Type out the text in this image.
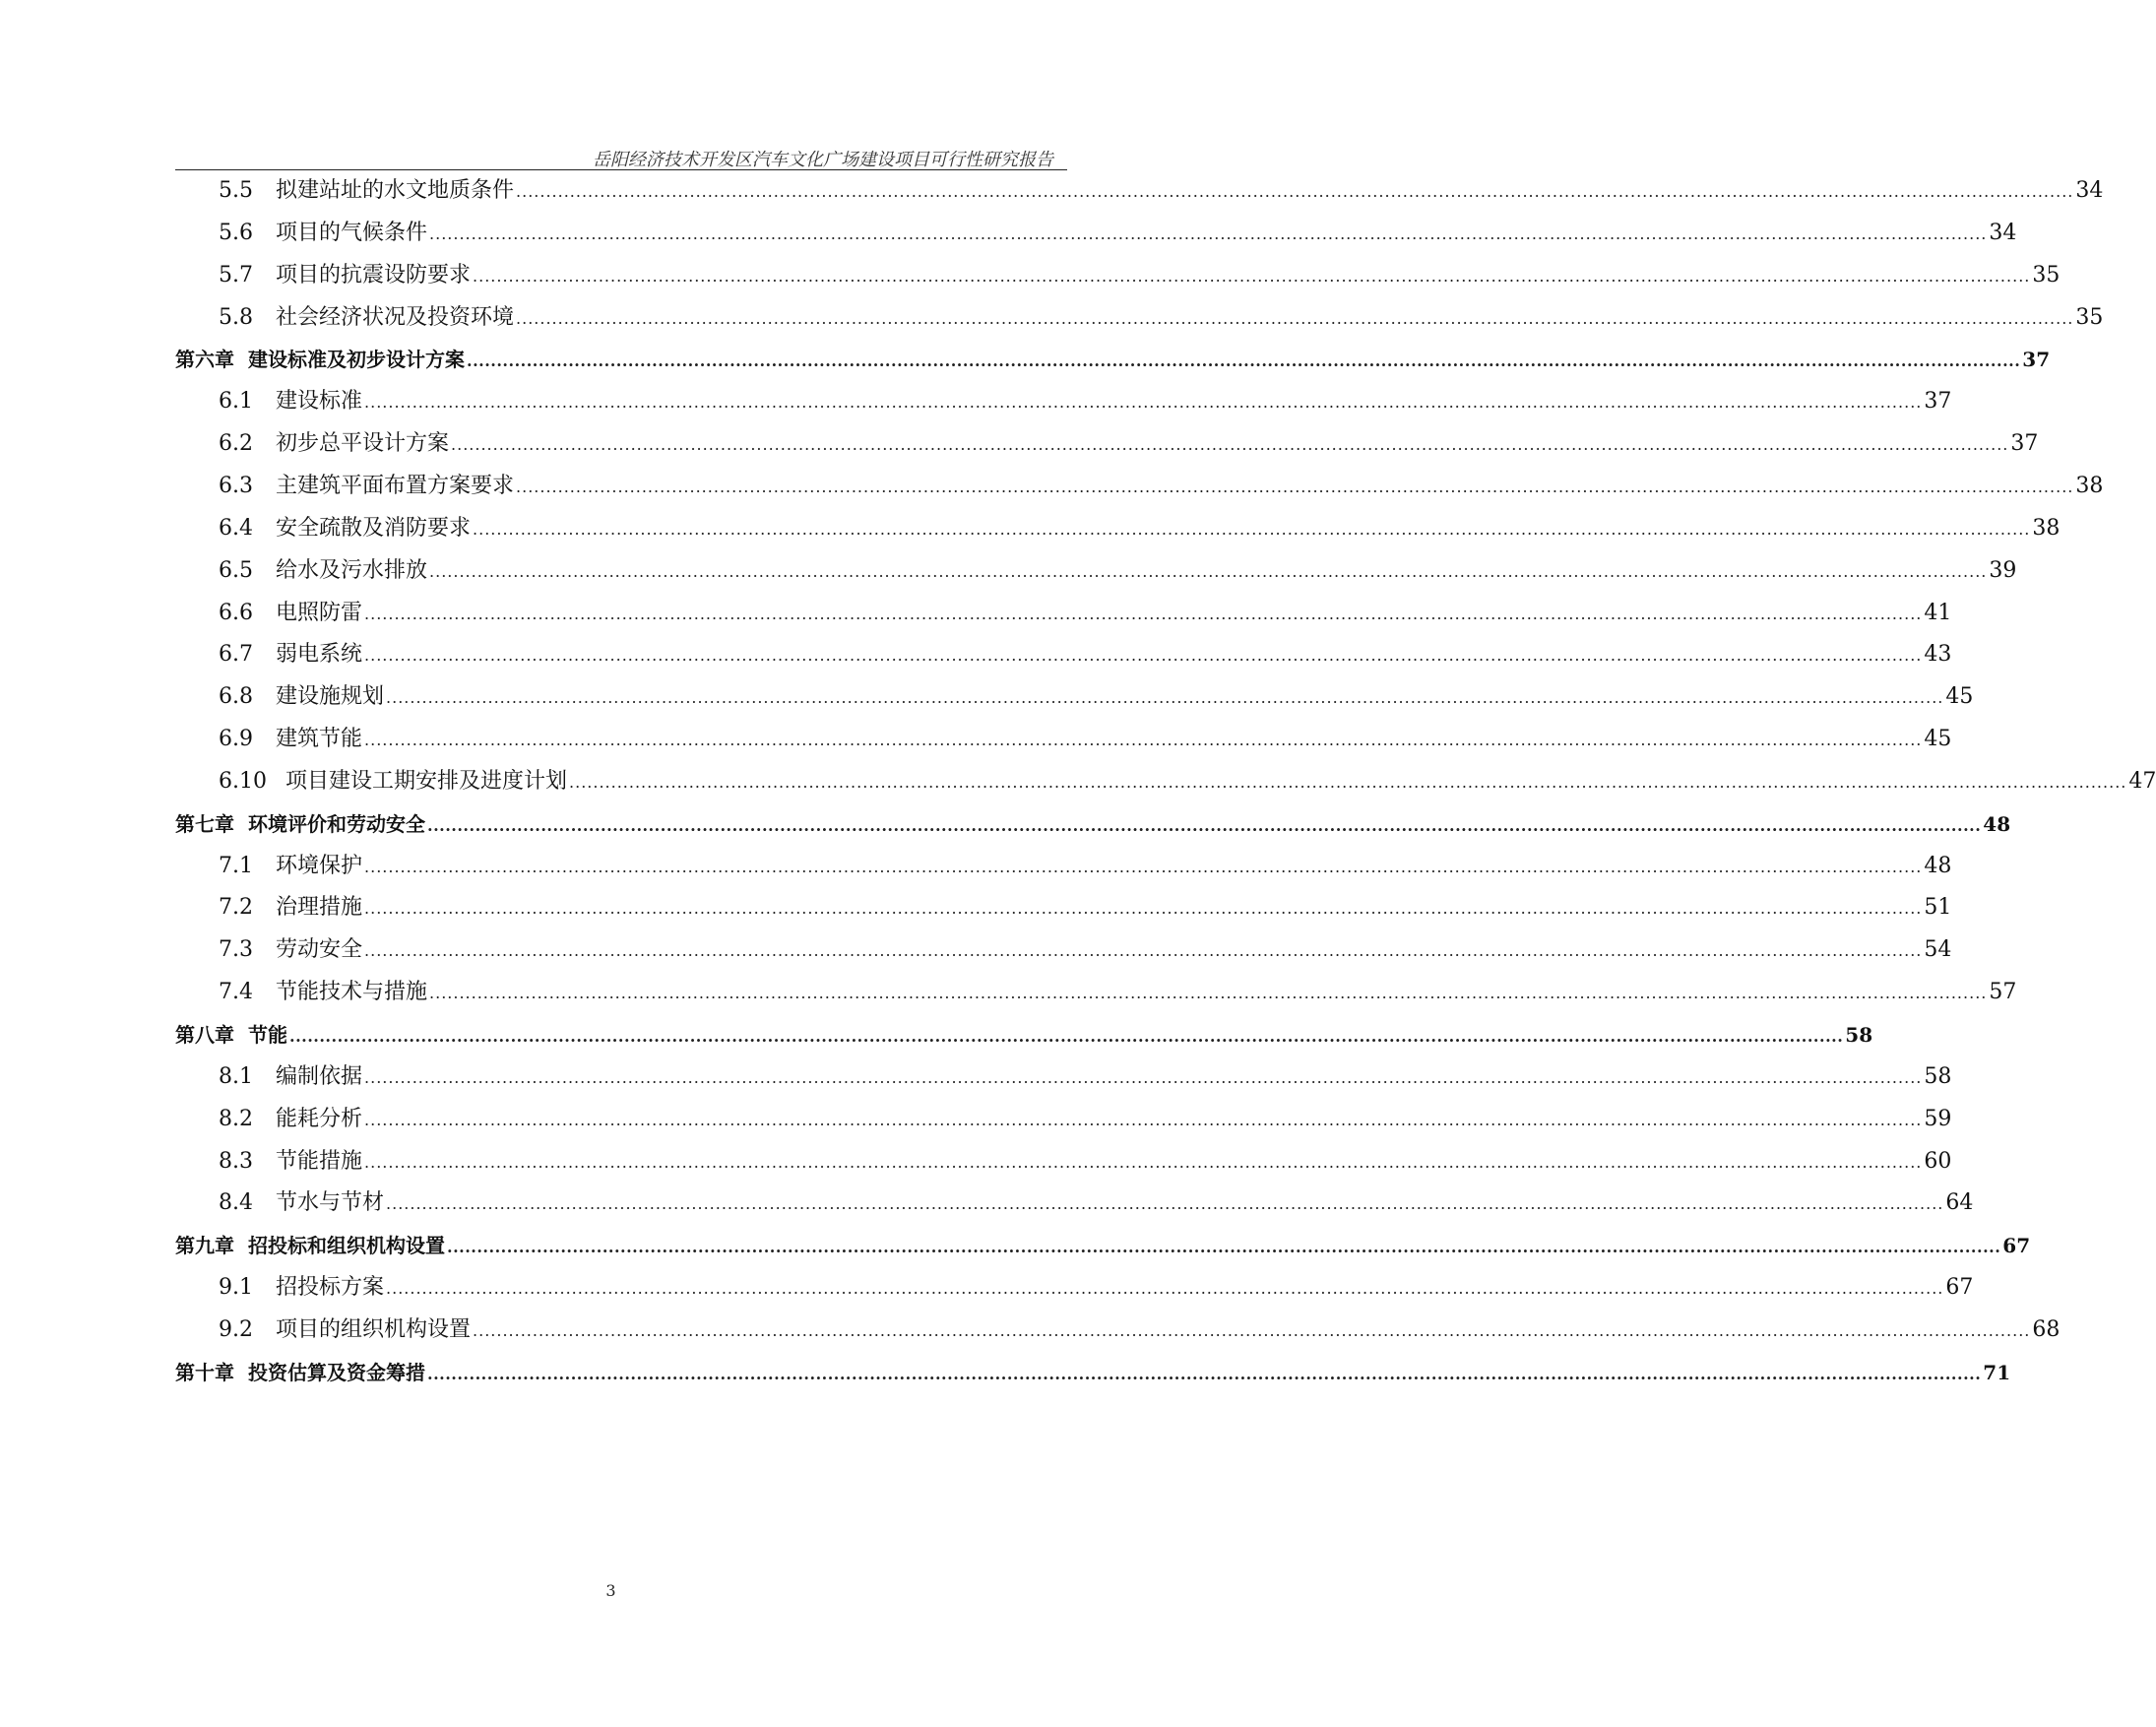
岳阳经济技术开发区汽车文化广场建设项目可行性研究报告
5.5	拟建站址的水文地质条件 .................................................................................................................................................................................................................................................................... 34
5.6	项目的气候条件 .................................................................................................................................................................................................................................................................... 34
5.7	项目的抗震设防要求 .................................................................................................................................................................................................................................................................... 35
5.8	社会经济状况及投资环境 .................................................................................................................................................................................................................................................................... 35
第六章 建设标准及初步设计方案 .................................................................................................................................................................................................................................................................... 37
6.1	建设标准 .................................................................................................................................................................................................................................................................... 37
6.2	初步总平设计方案 .................................................................................................................................................................................................................................................................... 37
6.3	主建筑平面布置方案要求 .................................................................................................................................................................................................................................................................... 38
6.4	安全疏散及消防要求 .................................................................................................................................................................................................................................................................... 38
6.5	给水及污水排放 .................................................................................................................................................................................................................................................................... 39
6.6	电照防雷 .................................................................................................................................................................................................................................................................... 41
6.7	弱电系统 .................................................................................................................................................................................................................................................................... 43
6.8	建设施规划 .................................................................................................................................................................................................................................................................... 45
6.9	建筑节能 .................................................................................................................................................................................................................................................................... 45
6.10 项目建设工期安排及进度计划 .................................................................................................................................................................................................................................................................... 47
第七章 环境评价和劳动安全 .................................................................................................................................................................................................................................................................... 48
7.1	环境保护 .................................................................................................................................................................................................................................................................... 48
7.2	治理措施 .................................................................................................................................................................................................................................................................... 51
7.3	劳动安全 .................................................................................................................................................................................................................................................................... 54
7.4	节能技术与措施 .................................................................................................................................................................................................................................................................... 57
第八章 节能 .................................................................................................................................................................................................................................................................... 58
8.1	编制依据 .................................................................................................................................................................................................................................................................... 58
8.2	能耗分析 .................................................................................................................................................................................................................................................................... 59
8.3	节能措施 .................................................................................................................................................................................................................................................................... 60
8.4	节水与节材 .................................................................................................................................................................................................................................................................... 64
第九章 招投标和组织机构设置 .................................................................................................................................................................................................................................................................... 67
9.1	招投标方案 .................................................................................................................................................................................................................................................................... 67
9.2	项目的组织机构设置 .................................................................................................................................................................................................................................................................... 68
第十章 投资估算及资金筹措 .................................................................................................................................................................................................................................................................... 71
3
